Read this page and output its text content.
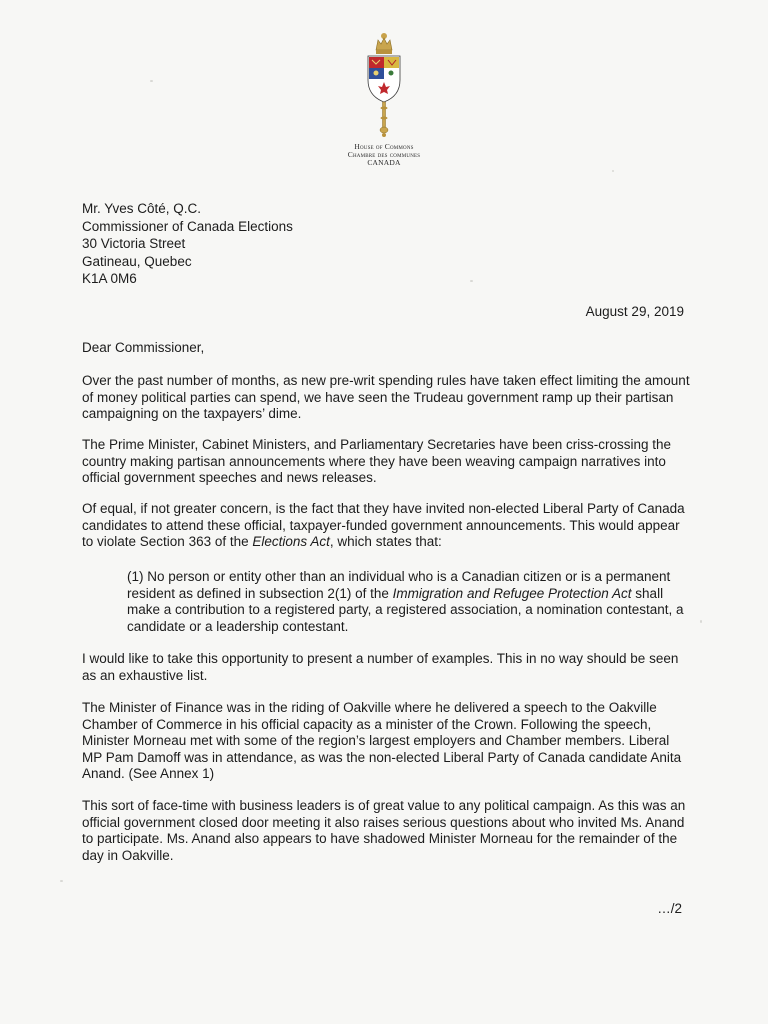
House of Commons
Chambre des communes
CANADA
Mr. Yves Côté, Q.C.
Commissioner of Canada Elections
30 Victoria Street
Gatineau, Quebec
K1A 0M6
August 29, 2019
Dear Commissioner,
Over the past number of months, as new pre-writ spending rules have taken effect limiting the amount of money political parties can spend, we have seen the Trudeau government ramp up their partisan campaigning on the taxpayers’ dime.
The Prime Minister, Cabinet Ministers, and Parliamentary Secretaries have been criss-crossing the country making partisan announcements where they have been weaving campaign narratives into official government speeches and news releases.
Of equal, if not greater concern, is the fact that they have invited non-elected Liberal Party of Canada candidates to attend these official, taxpayer-funded government announcements. This would appear to violate Section 363 of the Elections Act, which states that:
(1) No person or entity other than an individual who is a Canadian citizen or is a permanent resident as defined in subsection 2(1) of the Immigration and Refugee Protection Act shall make a contribution to a registered party, a registered association, a nomination contestant, a candidate or a leadership contestant.
I would like to take this opportunity to present a number of examples. This in no way should be seen as an exhaustive list.
The Minister of Finance was in the riding of Oakville where he delivered a speech to the Oakville Chamber of Commerce in his official capacity as a minister of the Crown. Following the speech, Minister Morneau met with some of the region’s largest employers and Chamber members. Liberal MP Pam Damoff was in attendance, as was the non-elected Liberal Party of Canada candidate Anita Anand. (See Annex 1)
This sort of face-time with business leaders is of great value to any political campaign. As this was an official government closed door meeting it also raises serious questions about who invited Ms. Anand to participate. Ms. Anand also appears to have shadowed Minister Morneau for the remainder of the day in Oakville.
…/2
